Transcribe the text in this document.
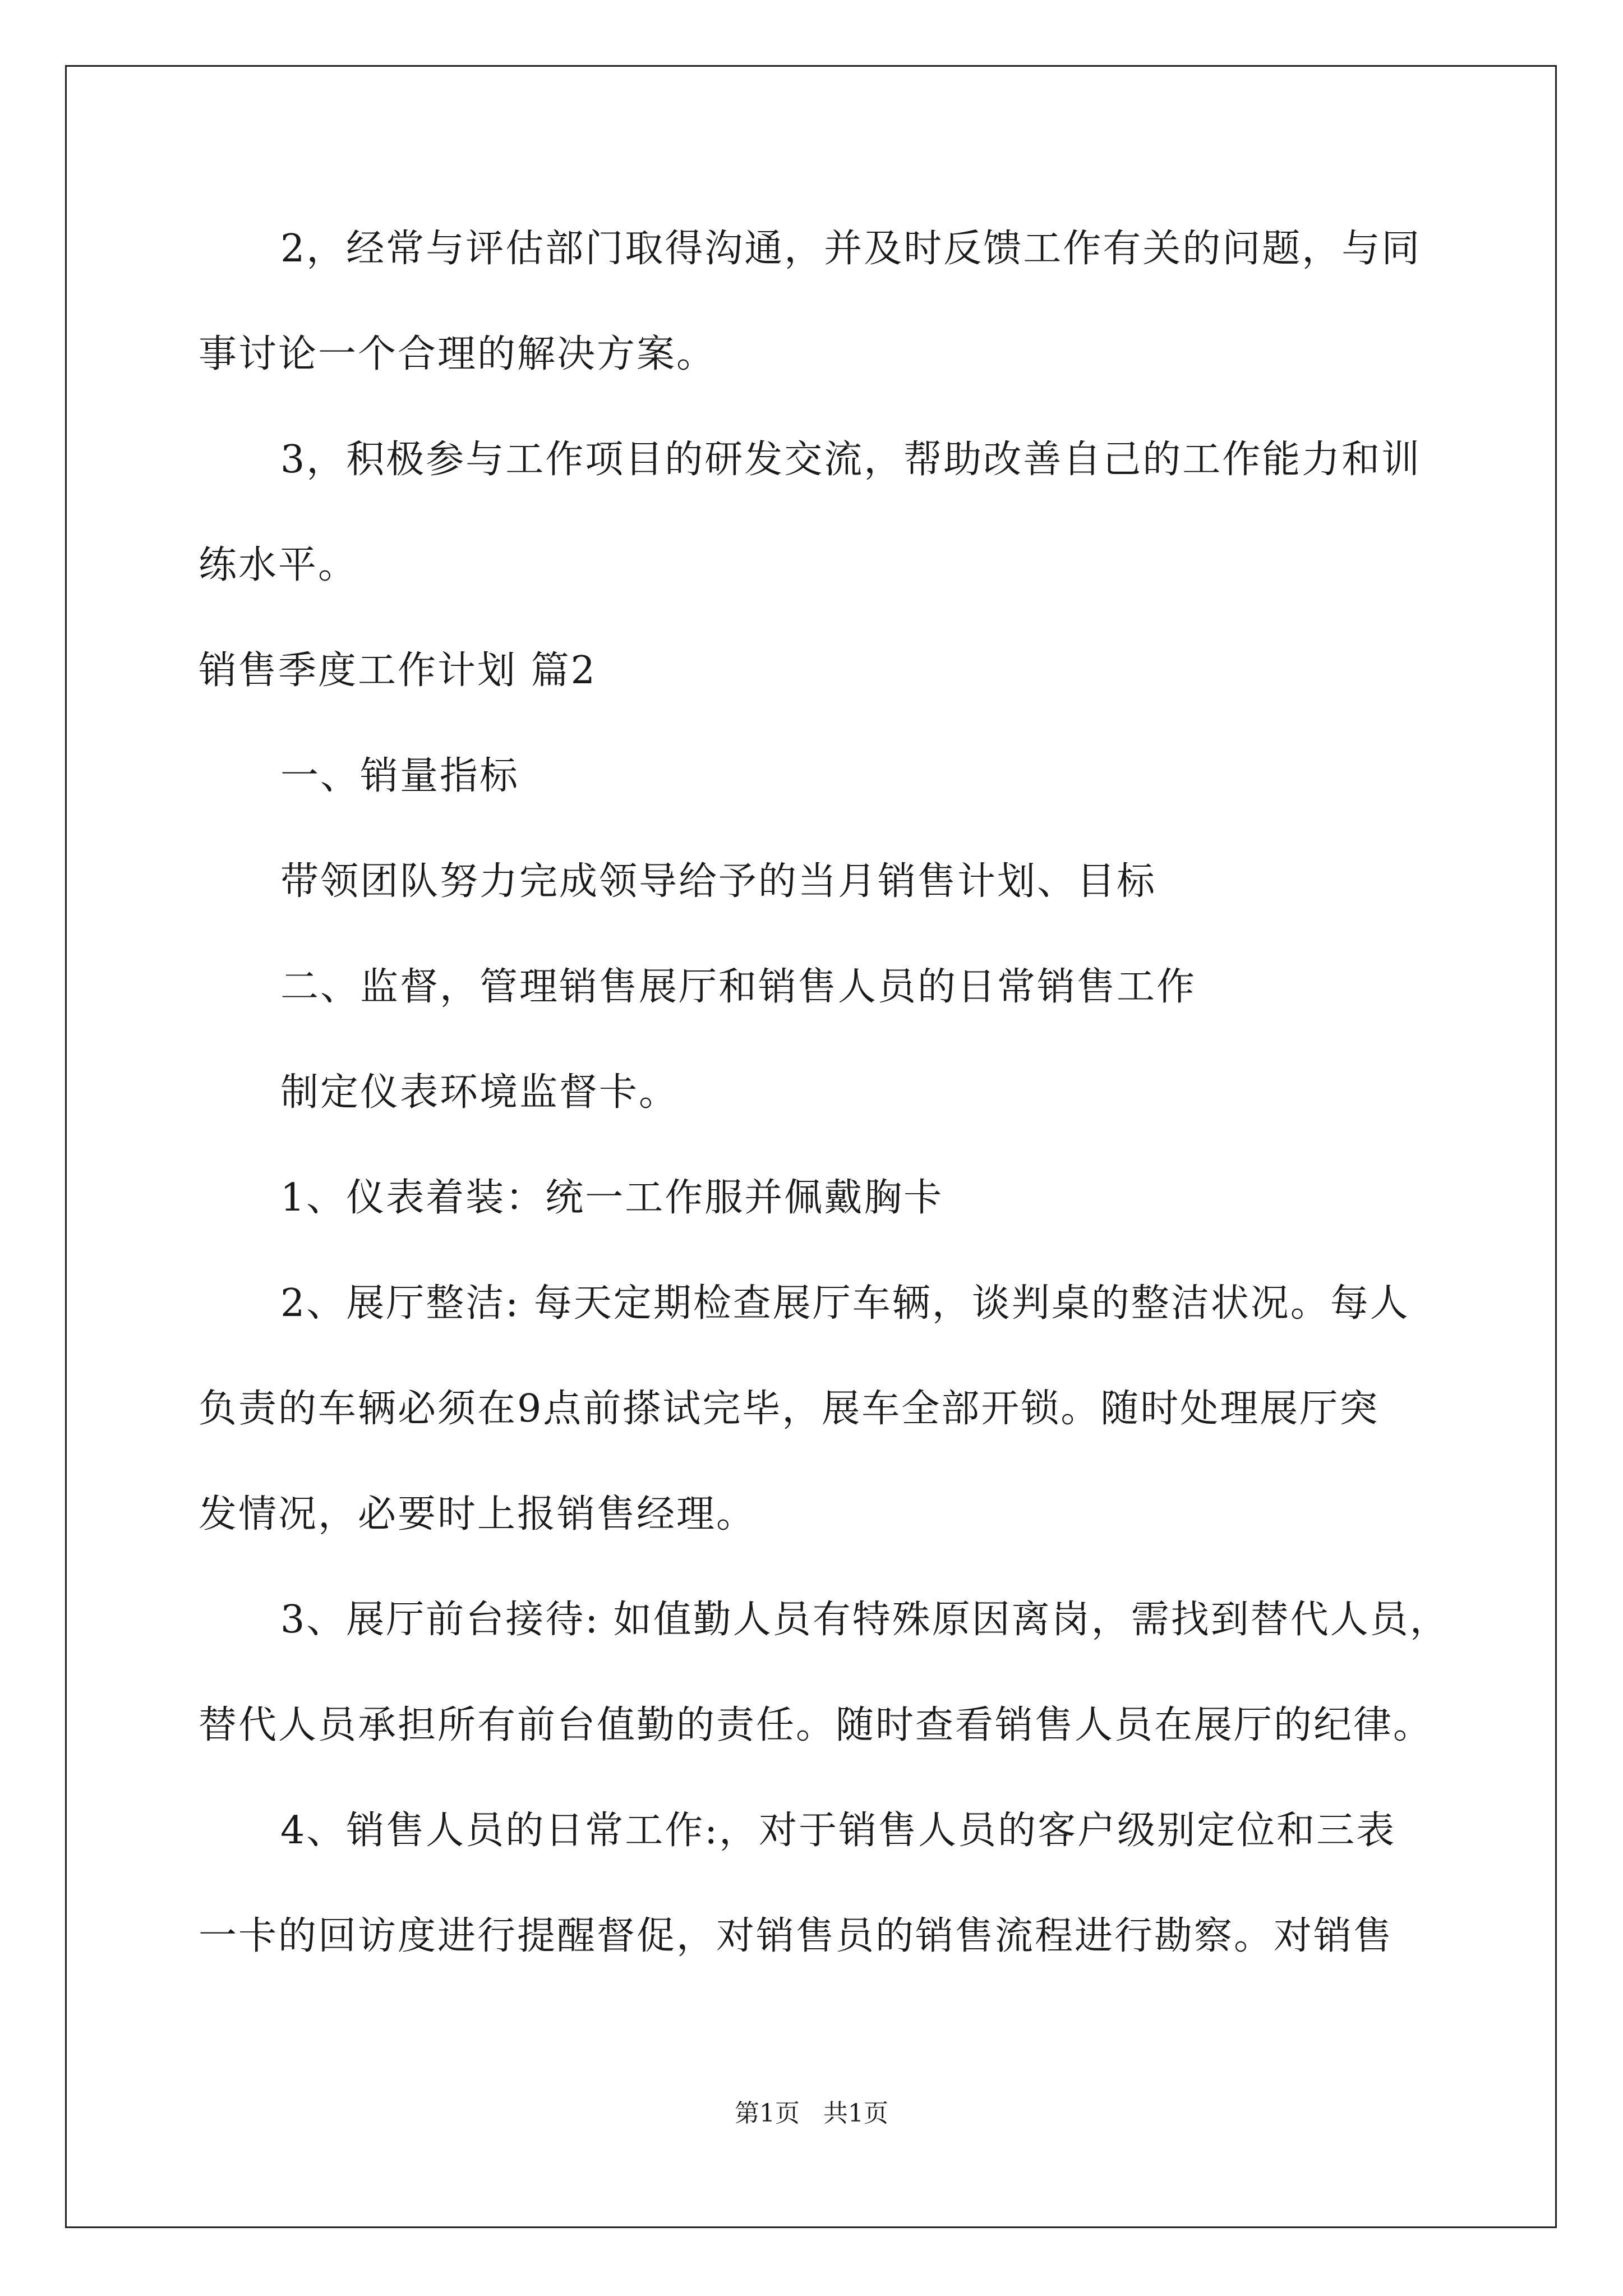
2，经常与评估部门取得沟通，并及时反馈工作有关的问题，与同
事讨论一个合理的解决方案。
3，积极参与工作项目的研发交流，帮助改善自己的工作能力和训
练水平。
销售季度工作计划 篇2
一、销量指标
带领团队努力完成领导给予的当月销售计划、目标
二、监督，管理销售展厅和销售人员的日常销售工作
制定仪表环境监督卡。
1、仪表着装：统一工作服并佩戴胸卡
2、展厅整洁: 每天定期检查展厅车辆，谈判桌的整洁状况。每人
负责的车辆必须在9点前搽试完毕，展车全部开锁。随时处理展厅突
发情况，必要时上报销售经理。
3、展厅前台接待: 如值勤人员有特殊原因离岗，需找到替代人员，
替代人员承担所有前台值勤的责任。随时查看销售人员在展厅的纪律。
4、销售人员的日常工作:，对于销售人员的客户级别定位和三表
一卡的回访度进行提醒督促，对销售员的销售流程进行勘察。对销售
第1页   共1页
